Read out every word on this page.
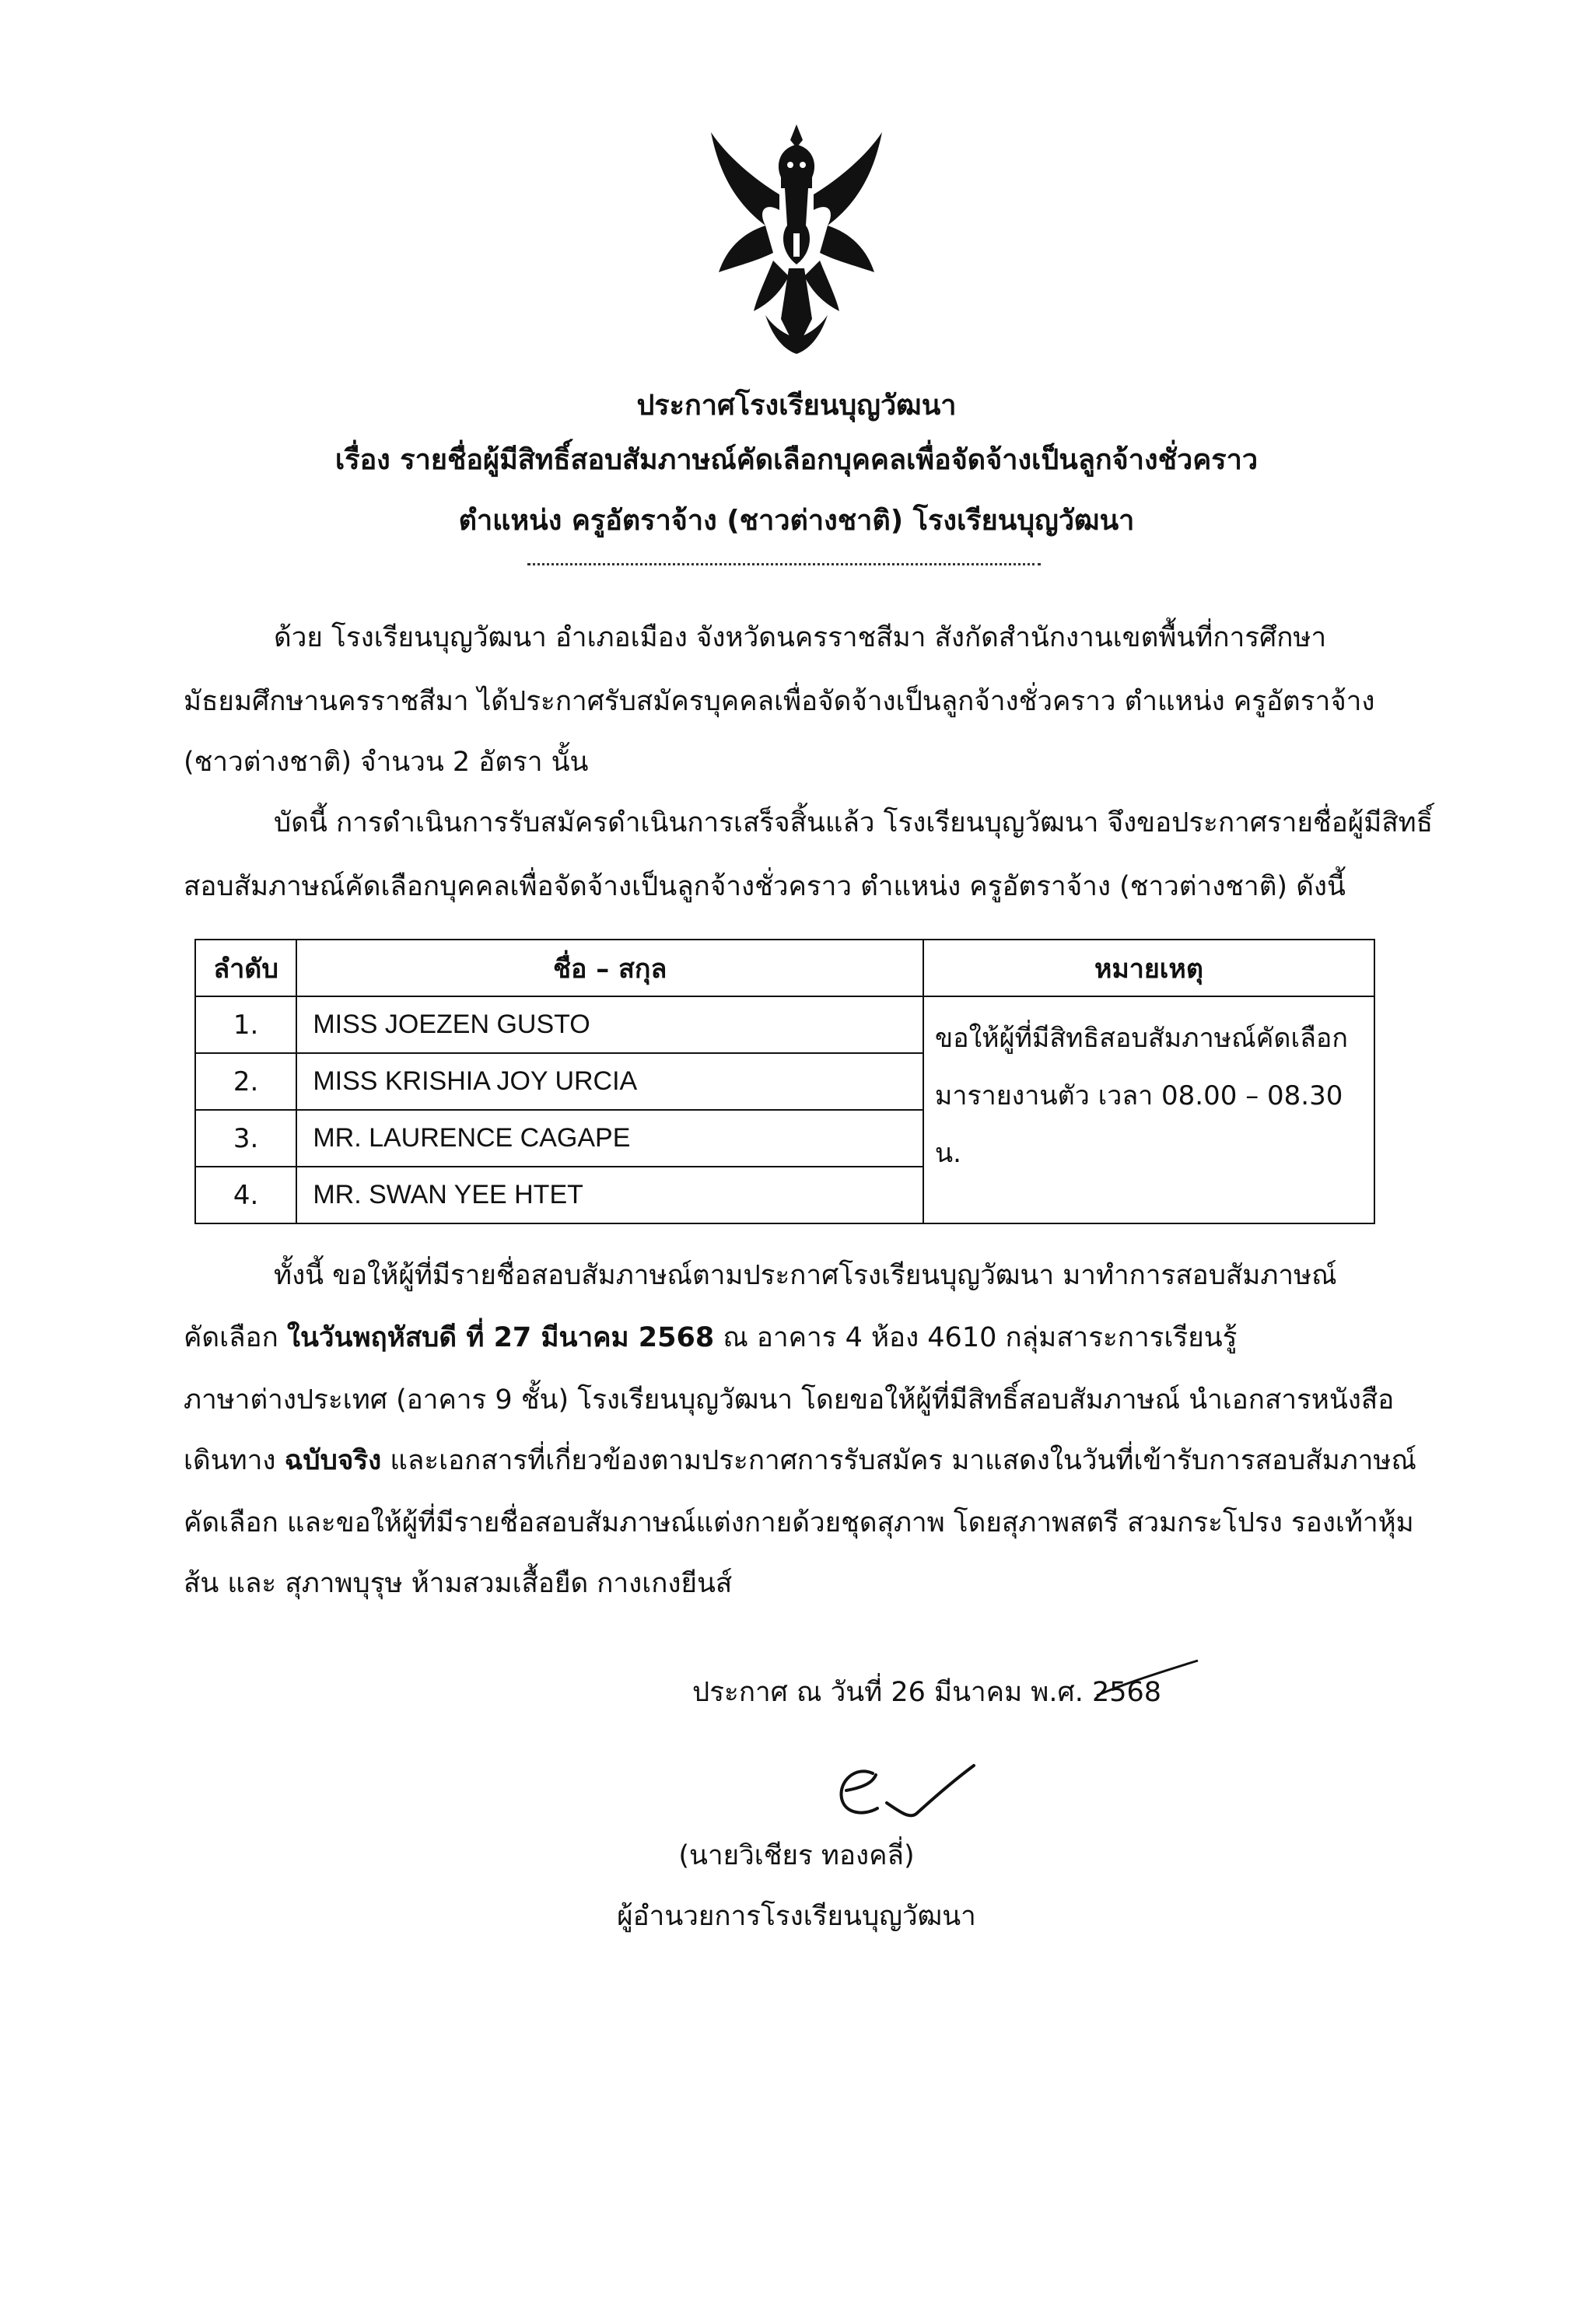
ประกาศโรงเรียนบุญวัฒนา
เรื่อง รายชื่อผู้มีสิทธิ์สอบสัมภาษณ์คัดเลือกบุคคลเพื่อจัดจ้างเป็นลูกจ้างชั่วคราว
ตำแหน่ง ครูอัตราจ้าง (ชาวต่างชาติ) โรงเรียนบุญวัฒนา
ด้วย โรงเรียนบุญวัฒนา อำเภอเมือง จังหวัดนครราชสีมา สังกัดสำนักงานเขตพื้นที่การศึกษา
มัธยมศึกษานครราชสีมา ได้ประกาศรับสมัครบุคคลเพื่อจัดจ้างเป็นลูกจ้างชั่วคราว ตำแหน่ง ครูอัตราจ้าง
(ชาวต่างชาติ) จำนวน 2 อัตรา นั้น
บัดนี้ การดำเนินการรับสมัครดำเนินการเสร็จสิ้นแล้ว โรงเรียนบุญวัฒนา จึงขอประกาศรายชื่อผู้มีสิทธิ์
สอบสัมภาษณ์คัดเลือกบุคคลเพื่อจัดจ้างเป็นลูกจ้างชั่วคราว ตำแหน่ง ครูอัตราจ้าง (ชาวต่างชาติ) ดังนี้
ลำดับ	ชื่อ – สกุล	หมายเหตุ
1.	MISS JOEZEN GUSTO	ขอให้ผู้ที่มีสิทธิสอบสัมภาษณ์คัดเลือก
มารายงานตัว เวลา 08.00 – 08.30 น.

2.	MISS KRISHIA JOY URCIA	
3.	MR. LAURENCE CAGAPE	
4.	MR. SWAN YEE HTET	
ทั้งนี้ ขอให้ผู้ที่มีรายชื่อสอบสัมภาษณ์ตามประกาศโรงเรียนบุญวัฒนา มาทำการสอบสัมภาษณ์
คัดเลือก ในวันพฤหัสบดี ที่ 27 มีนาคม 2568 ณ อาคาร 4 ห้อง 4610 กลุ่มสาระการเรียนรู้
ภาษาต่างประเทศ (อาคาร 9 ชั้น) โรงเรียนบุญวัฒนา โดยขอให้ผู้ที่มีสิทธิ์สอบสัมภาษณ์ นำเอกสารหนังสือ
เดินทาง ฉบับจริง และเอกสารที่เกี่ยวข้องตามประกาศการรับสมัคร มาแสดงในวันที่เข้ารับการสอบสัมภาษณ์
คัดเลือก และขอให้ผู้ที่มีรายชื่อสอบสัมภาษณ์แต่งกายด้วยชุดสุภาพ โดยสุภาพสตรี สวมกระโปรง รองเท้าหุ้ม
ส้น และ สุภาพบุรุษ ห้ามสวมเสื้อยืด กางเกงยีนส์
ประกาศ ณ วันที่ 26 มีนาคม พ.ศ. 2568
(นายวิเชียร ทองคลี่)
ผู้อำนวยการโรงเรียนบุญวัฒนา
